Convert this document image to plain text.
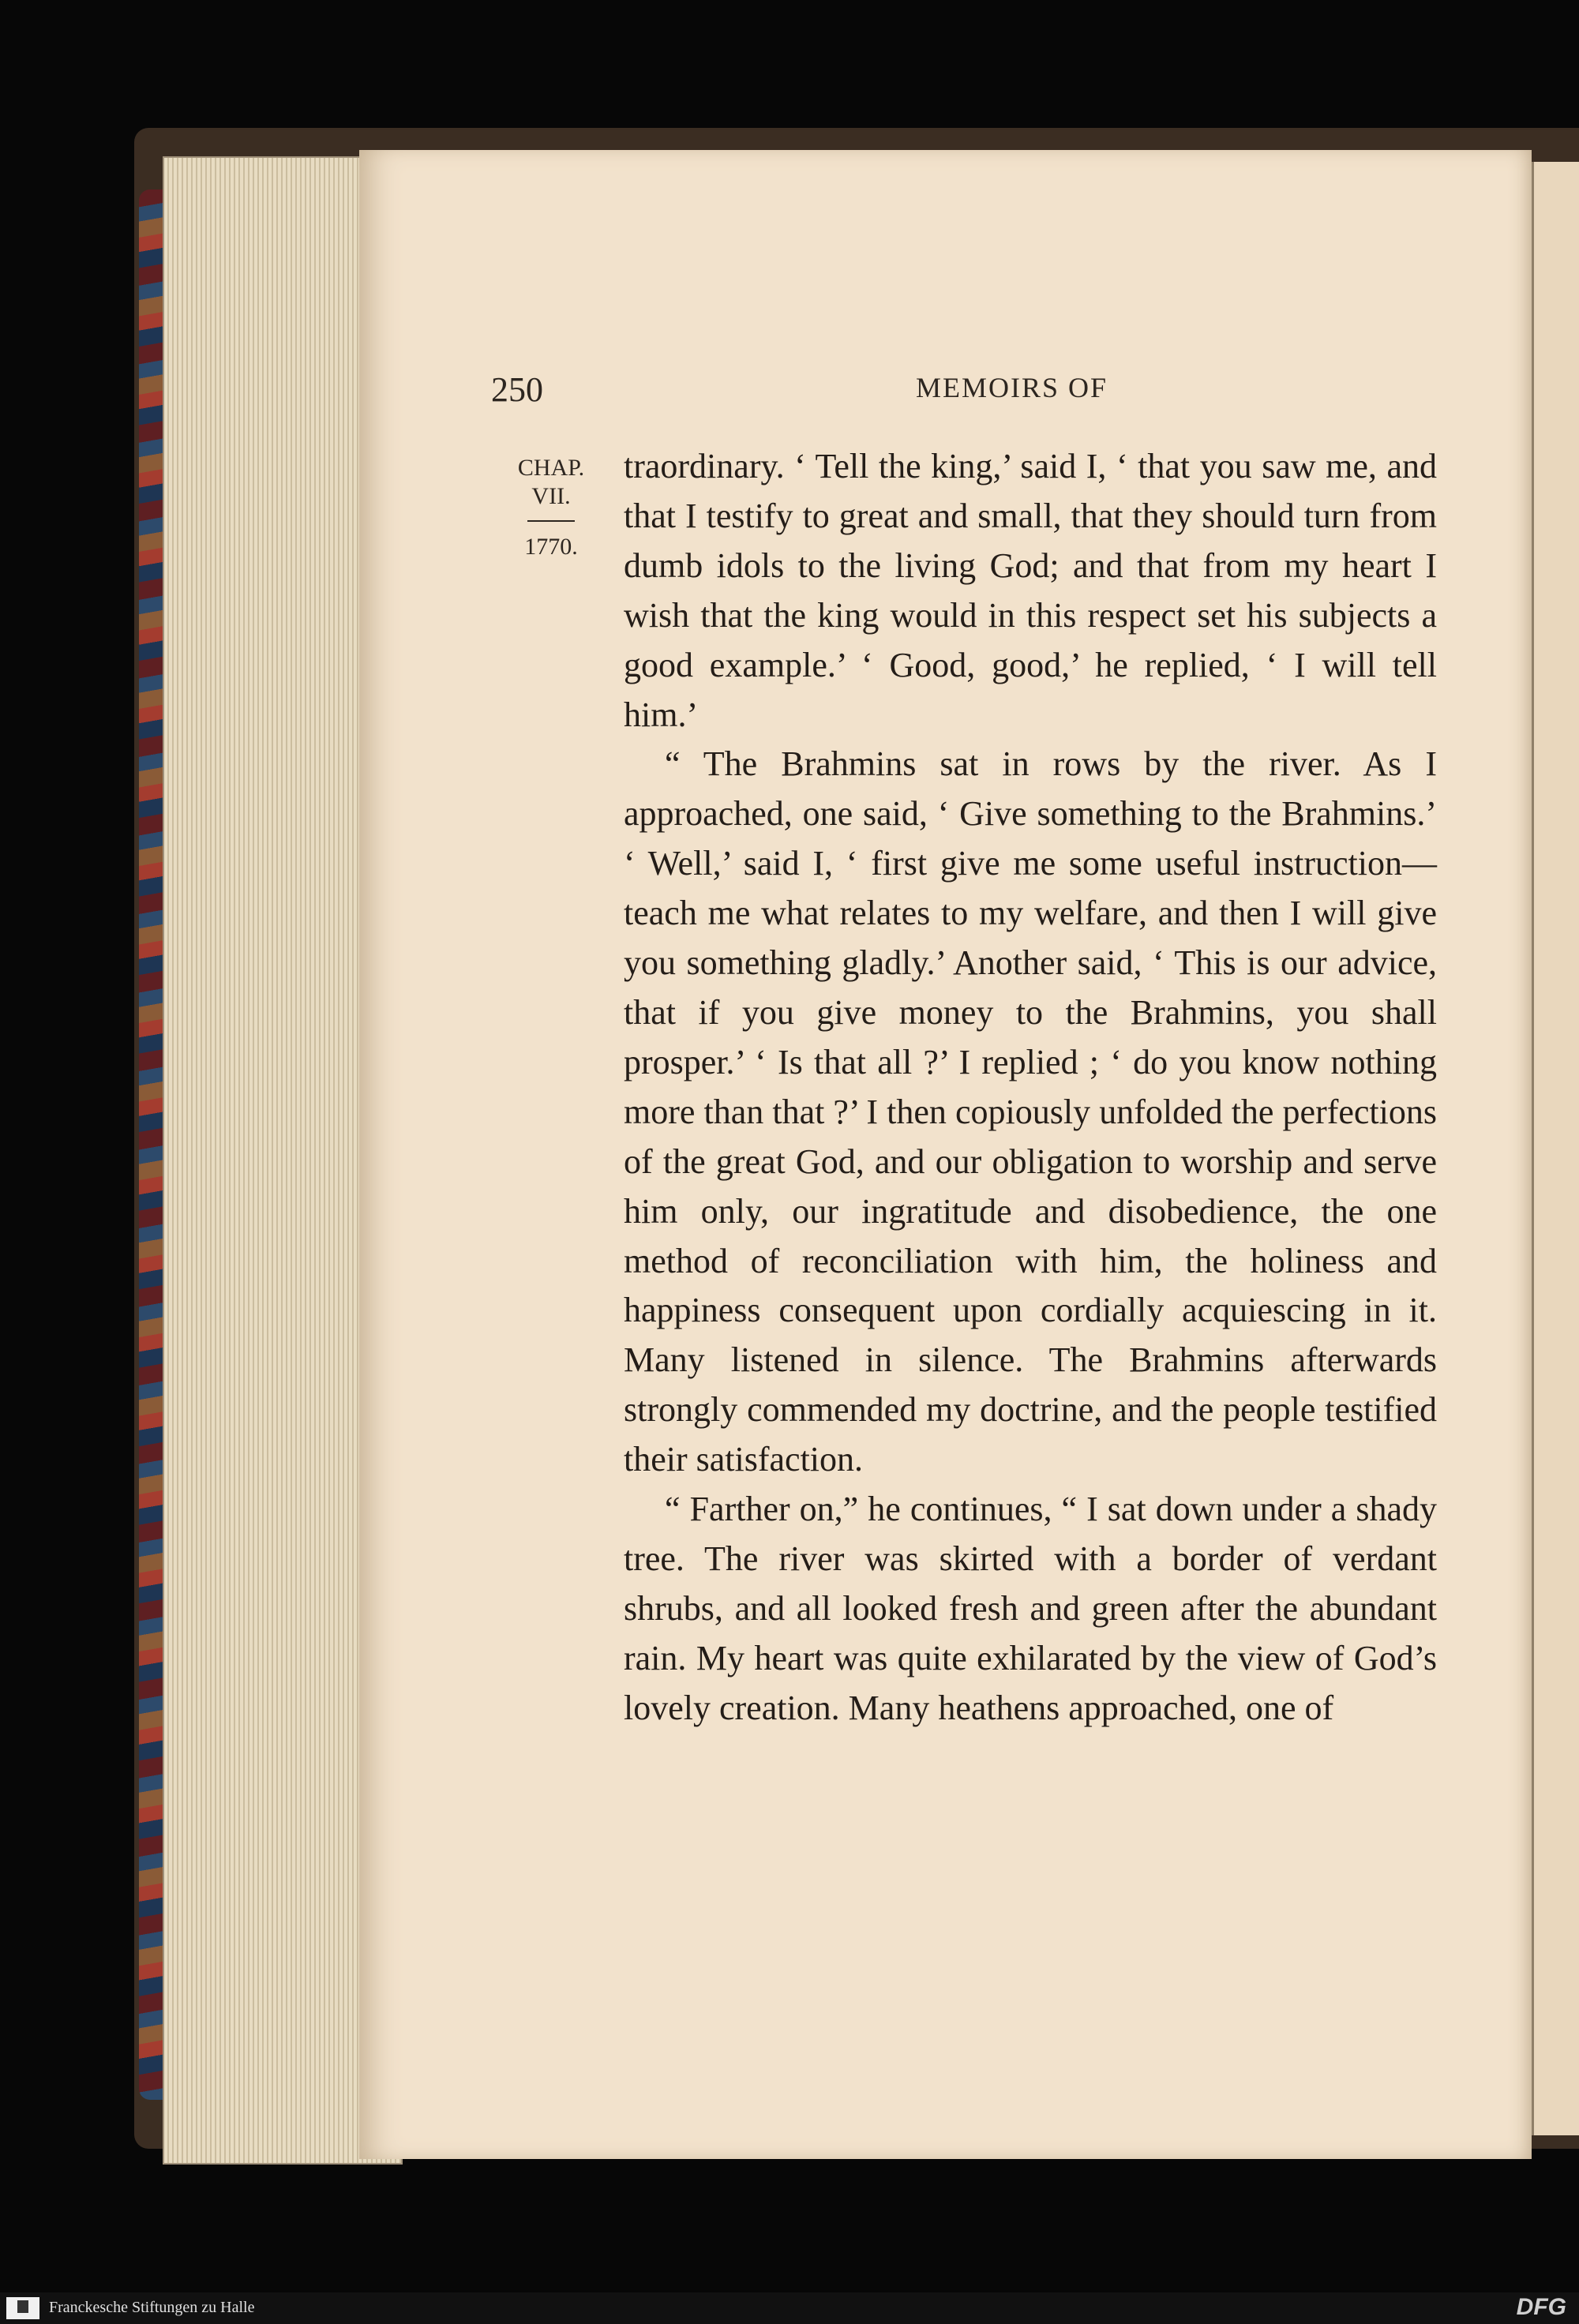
250	MEMOIRS OF
CHAP.
VII.
1770.

traordinary. ‘ Tell the king,’ said I, ‘ that you saw me, and that I testify to great and small, that they should turn from dumb idols to the living God; and that from my heart I wish that the king would in this respect set his subjects a good example.’ ‘ Good, good,’ he replied, ‘ I will tell him.’

“ The Brahmins sat in rows by the river. As I approached, one said, ‘ Give something to the Brahmins.’ ‘ Well,’ said I, ‘ first give me some useful instruction—teach me what relates to my welfare, and then I will give you something gladly.’ Another said, ‘ This is our advice, that if you give money to the Brahmins, you shall prosper.’ ‘ Is that all ?’ I replied ; ‘ do you know nothing more than that ?’ I then copiously unfolded the perfections of the great God, and our obligation to worship and serve him only, our ingratitude and disobedience, the one method of reconciliation with him, the holiness and happiness consequent upon cordially acquiescing in it. Many listened in silence. The Brahmins afterwards strongly commended my doctrine, and the people testified their satisfaction.

“ Farther on,” he continues, “ I sat down under a shady tree. The river was skirted with a border of verdant shrubs, and all looked fresh and green after the abundant rain. My heart was quite exhilarated by the view of God’s lovely creation. Many heathens approached, one of

Franckesche Stiftungen zu Halle	DFG
